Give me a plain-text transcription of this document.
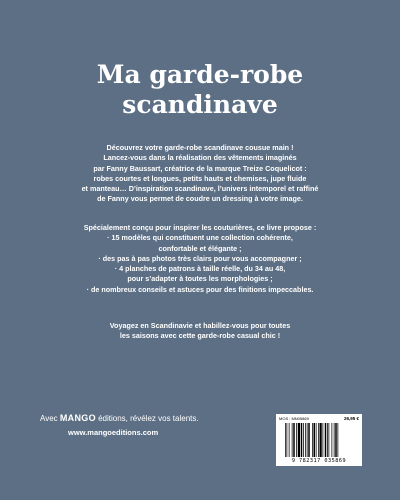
Ma garde-robe
scandinave
Découvrez votre garde-robe scandinave cousue main !
Lancez-vous dans la réalisation des vêtements imaginés
par Fanny Baussart, créatrice de la marque Treize Coquelicot :
robes courtes et longues, petits hauts et chemises, jupe fluide
et manteau… D’inspiration scandinave, l’univers intemporel et raffiné
de Fanny vous permet de coudre un dressing à votre image.
Spécialement conçu pour inspirer les couturières, ce livre propose :
· 15 modèles qui constituent une collection cohérente,
confortable et élégante ;
· des pas à pas photos très clairs pour vous accompagner ;
· 4 planches de patrons à taille réelle, du 34 au 48,
pour s’adapter à toutes les morphologies ;
· de nombreux conseils et astuces pour des finitions impeccables.
Voyagez en Scandinavie et habillez-vous pour toutes
les saisons avec cette garde-robe casual chic !
Avec MANGO éditions, révélez vos talents.
www.mangoeditions.com
MOS : MN05869	26,95 €
9 782317 035869
